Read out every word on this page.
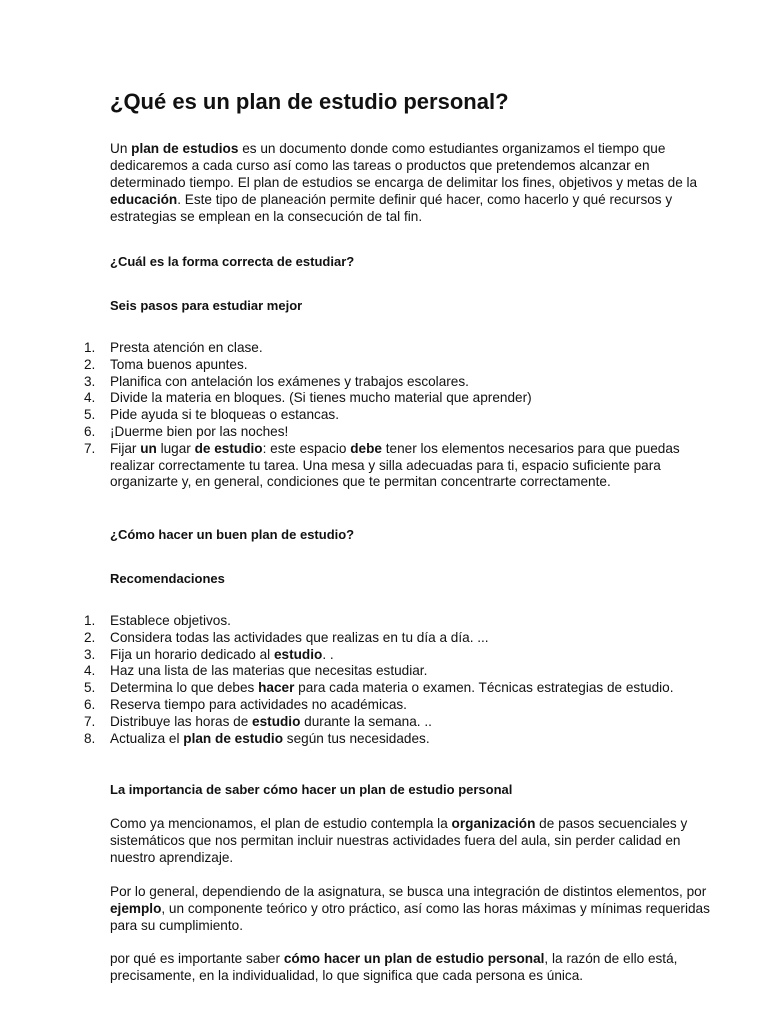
¿Qué es un plan de estudio personal?

Un plan de estudios es un documento donde como estudiantes organizamos el tiempo que dedicaremos a cada curso así como las tareas o productos que pretendemos alcanzar en determinado tiempo. El plan de estudios se encarga de delimitar los fines, objetivos y metas de la educación. Este tipo de planeación permite definir qué hacer, como hacerlo y qué recursos y estrategias se emplean en la consecución de tal fin.

¿Cuál es la forma correcta de estudiar?
Seis pasos para estudiar mejor
1. Presta atención en clase.
2. Toma buenos apuntes.
3. Planifica con antelación los exámenes y trabajos escolares.
4. Divide la materia en bloques. (Si tienes mucho material que aprender)
5. Pide ayuda si te bloqueas o estancas.
6. ¡Duerme bien por las noches!
7. Fijar un lugar de estudio: este espacio debe tener los elementos necesarios para que puedas realizar correctamente tu tarea. Una mesa y silla adecuadas para ti, espacio suficiente para organizarte y, en general, condiciones que te permitan concentrarte correctamente.
¿Cómo hacer un buen plan de estudio?
Recomendaciones
1. Establece objetivos.
2. Considera todas las actividades que realizas en tu día a día. ...
3. Fija un horario dedicado al estudio. .
4. Haz una lista de las materias que necesitas estudiar.
5. Determina lo que debes hacer para cada materia o examen. Técnicas estrategias de estudio.
6. Reserva tiempo para actividades no académicas.
7. Distribuye las horas de estudio durante la semana. ..
8. Actualiza el plan de estudio según tus necesidades.
La importancia de saber cómo hacer un plan de estudio personal

Como ya mencionamos, el plan de estudio contempla la organización de pasos secuenciales y sistemáticos que nos permitan incluir nuestras actividades fuera del aula, sin perder calidad en nuestro aprendizaje.

Por lo general, dependiendo de la asignatura, se busca una integración de distintos elementos, por ejemplo, un componente teórico y otro práctico, así como las horas máximas y mínimas requeridas para su cumplimiento.

por qué es importante saber cómo hacer un plan de estudio personal, la razón de ello está, precisamente, en la individualidad, lo que significa que cada persona es única.
